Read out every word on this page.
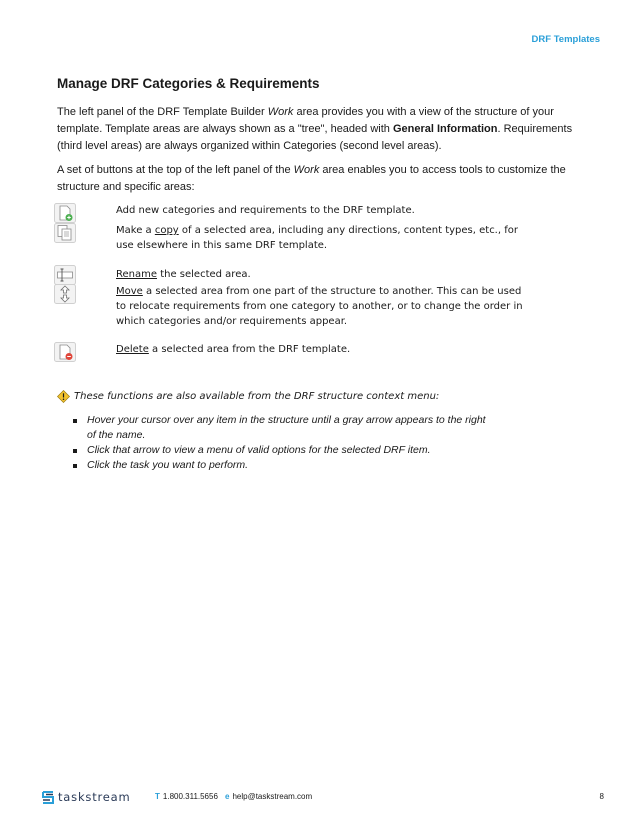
DRF Templates
Manage DRF Categories & Requirements

The left panel of the DRF Template Builder Work area provides you with a view of the structure of your template. Template areas are always shown as a "tree", headed with General Information. Requirements (third level areas) are always organized within Categories (second level areas).

A set of buttons at the top of the left panel of the Work area enables you to access tools to customize the structure and specific areas:

Add new categories and requirements to the DRF template.
Make a copy of a selected area, including any directions, content types, etc., for use elsewhere in this same DRF template.
Rename the selected area.
Move a selected area from one part of the structure to another. This can be used to relocate requirements from one category to another, or to change the order in which categories and/or requirements appear.
Delete a selected area from the DRF template.
These functions are also available from the DRF structure context menu:
Hover your cursor over any item in the structure until a gray arrow appears to the right of the name.
Click that arrow to view a menu of valid options for the selected DRF item.
Click the task you want to perform.
taskstream	T 1.800.311.5656 e help@taskstream.com	8
